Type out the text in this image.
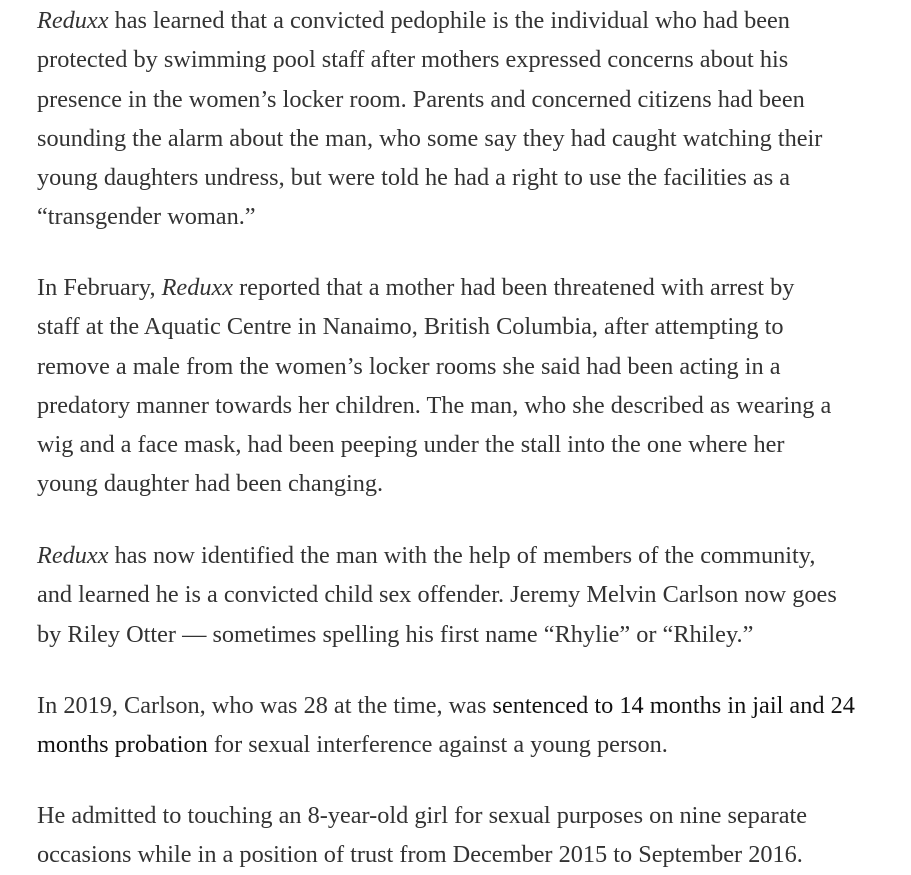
Reduxx has learned that a convicted pedophile is the individual who had been
protected by swimming pool staff after mothers expressed concerns about his
presence in the women’s locker room. Parents and concerned citizens had been
sounding the alarm about the man, who some say they had caught watching their
young daughters undress, but were told he had a right to use the facilities as a
“transgender woman.”

In February, Reduxx reported that a mother had been threatened with arrest by
staff at the Aquatic Centre in Nanaimo, British Columbia, after attempting to
remove a male from the women’s locker rooms she said had been acting in a
predatory manner towards her children. The man, who she described as wearing a
wig and a face mask, had been peeping under the stall into the one where her
young daughter had been changing.

Reduxx has now identified the man with the help of members of the community,
and learned he is a convicted child sex offender. Jeremy Melvin Carlson now goes
by Riley Otter — sometimes spelling his first name “Rhylie” or “Rhiley.”

In 2019, Carlson, who was 28 at the time, was sentenced to 14 months in jail and 24
months probation for sexual interference against a young person.

He admitted to touching an 8-year-old girl for sexual purposes on nine separate
occasions while in a position of trust from December 2015 to September 2016.
